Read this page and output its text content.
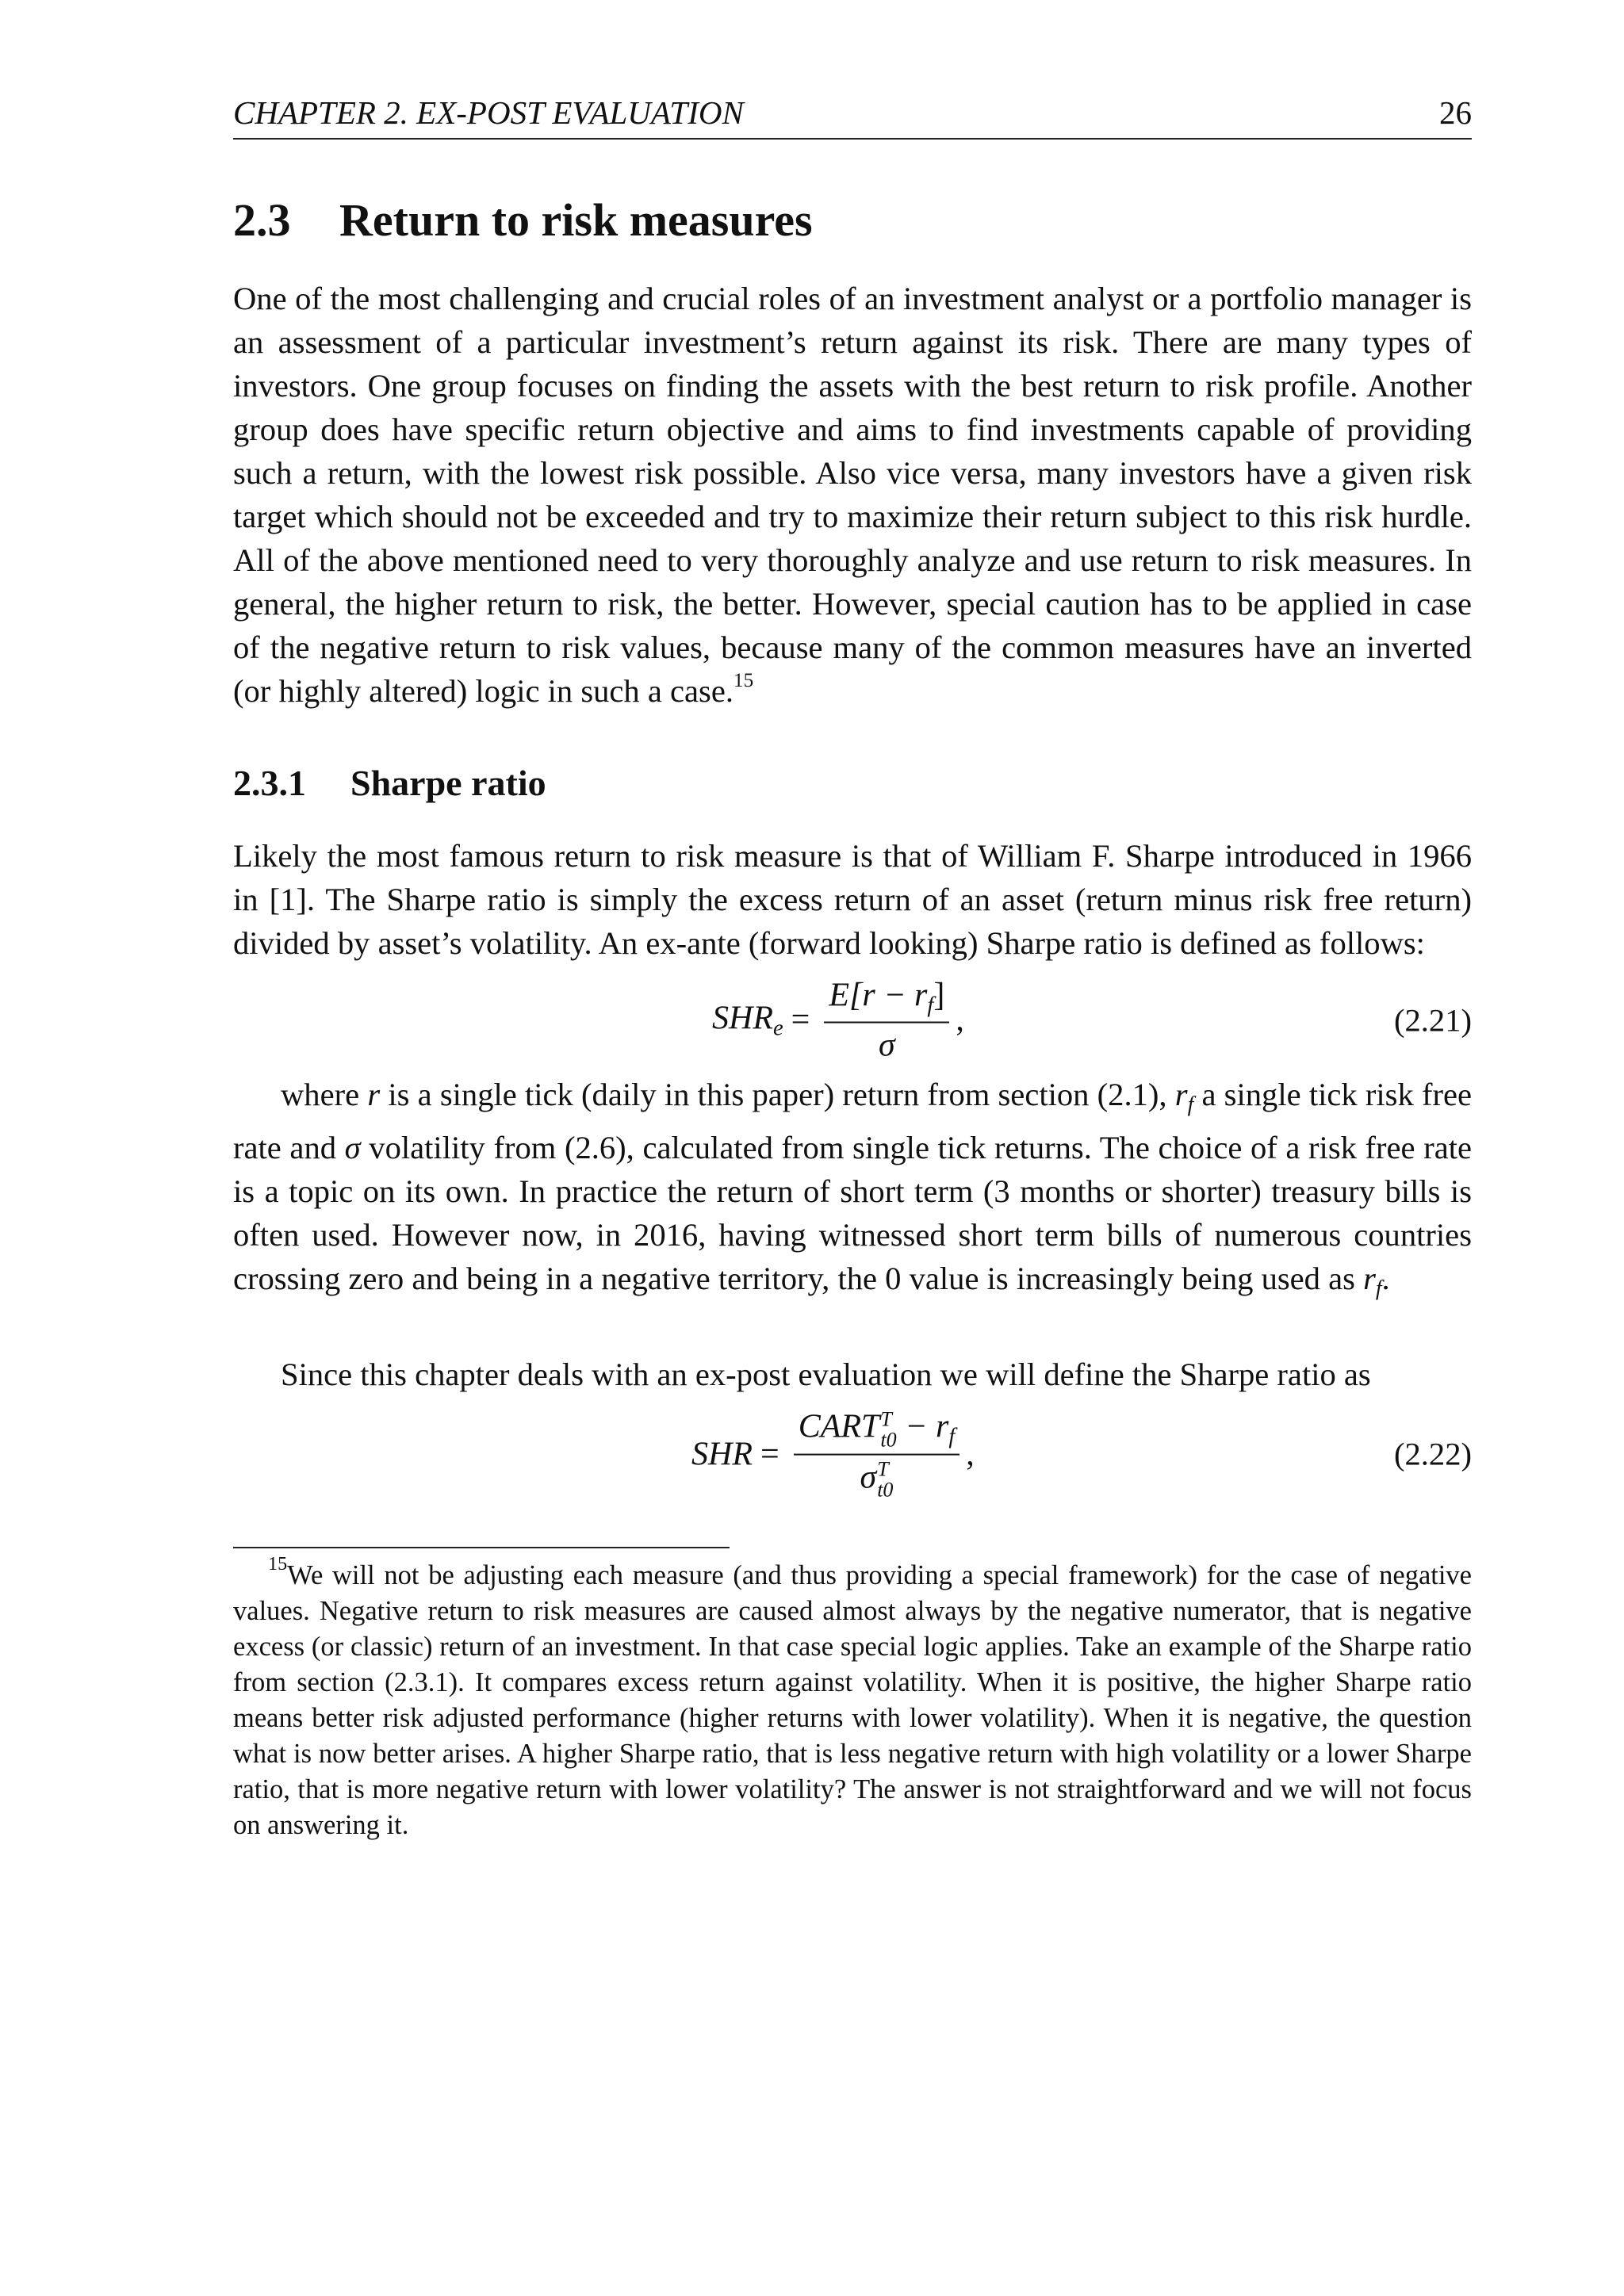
CHAPTER 2. EX-POST EVALUATION	26
2.3	Return to risk measures

One of the most challenging and crucial roles of an investment analyst or a portfolio manager is an assessment of a particular investment’s return against its risk. There are many types of investors. One group focuses on finding the assets with the best return to risk profile. Another group does have specific return objective and aims to find investments capable of providing such a return, with the lowest risk possible. Also vice versa, many investors have a given risk target which should not be exceeded and try to maximize their return subject to this risk hurdle. All of the above mentioned need to very thoroughly analyze and use return to risk measures. In general, the higher return to risk, the better. However, special caution has to be applied in case of the negative return to risk values, because many of the common measures have an inverted (or highly altered) logic in such a case.$^{15}$

2.3.1	Sharpe ratio

Likely the most famous return to risk measure is that of William F. Sharpe introduced in 1966 in [1]. The Sharpe ratio is simply the excess return of an asset (return minus risk free return) divided by asset’s volatility. An ex-ante (forward looking) Sharpe ratio is defined as follows:

$SHR_e = \frac{E[r - r_f]}{\sigma}$ ,	(2.21)

where r is a single tick (daily in this paper) return from section (2.1), $r_f$ a single tick risk free rate and σ volatility from (2.6), calculated from single tick returns. The choice of a risk free rate is a topic on its own. In practice the return of short term (3 months or shorter) treasury bills is often used. However now, in 2016, having witnessed short term bills of numerous countries crossing zero and being in a negative territory, the 0 value is increasingly being used as $r_f$.

Since this chapter deals with an ex-post evaluation we will define the Sharpe ratio as

SHR = CART T
$t0 - r_f$
σ T
t0 ,	(2.22)

$^{15}$We will not be adjusting each measure (and thus providing a special framework) for the case of negative values. Negative return to risk measures are caused almost always by the negative numerator, that is negative excess (or classic) return of an investment. In that case special logic applies. Take an example of the Sharpe ratio from section (2.3.1). It compares excess return against volatility. When it is positive, the higher Sharpe ratio means better risk adjusted performance (higher returns with lower volatility). When it is negative, the question what is now better arises. A higher Sharpe ratio, that is less negative return with high volatility or a lower Sharpe ratio, that is more negative return with lower volatility? The answer is not straightforward and we will not focus on answering it.
